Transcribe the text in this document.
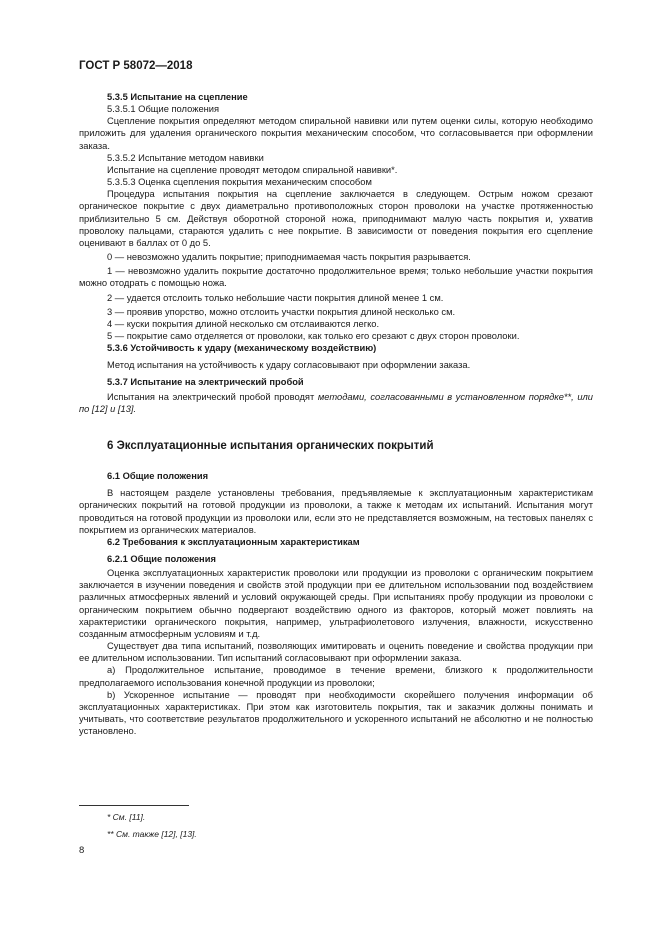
ГОСТ Р 58072—2018

5.3.5 Испытание на сцепление

5.3.5.1 Общие положения

Сцепление покрытия определяют методом спиральной навивки или путем оценки силы, которую необходимо приложить для удаления органического покрытия механическим способом, что согласовывается при оформлении заказа.

5.3.5.2 Испытание методом навивки

Испытание на сцепление проводят методом спиральной навивки*.

5.3.5.3 Оценка сцепления покрытия механическим способом

Процедура испытания покрытия на сцепление заключается в следующем. Острым ножом срезают органическое покрытие с двух диаметрально противоположных сторон проволоки на участке протяженностью приблизительно 5 см. Действуя оборотной стороной ножа, приподнимают малую часть покрытия и, ухватив проволоку пальцами, стараются удалить с нее покрытие. В зависимости от поведения покрытия его сцепление оценивают в баллах от 0 до 5.

0 — невозможно удалить покрытие; приподнимаемая часть покрытия разрывается.

1 — невозможно удалить покрытие достаточно продолжительное время; только небольшие участки покрытия можно отодрать с помощью ножа.

2 — удается отслоить только небольшие части покрытия длиной менее 1 см.

3 — проявив упорство, можно отслоить участки покрытия длиной несколько см.

4 — куски покрытия длиной несколько см отслаиваются легко.

5 — покрытие само отделяется от проволоки, как только его срезают с двух сторон проволоки.

5.3.6 Устойчивость к удару (механическому воздействию)

Метод испытания на устойчивость к удару согласовывают при оформлении заказа.

5.3.7 Испытание на электрический пробой

Испытания на электрический пробой проводят методами, согласованными в установленном порядке**, или по [12] и [13].

6 Эксплуатационные испытания органических покрытий

6.1 Общие положения

В настоящем разделе установлены требования, предъявляемые к эксплуатационным характеристикам органических покрытий на готовой продукции из проволоки, а также к методам их испытаний. Испытания могут проводиться на готовой продукции из проволоки или, если это не представляется возможным, на тестовых панелях с покрытием из органических материалов.

6.2 Требования к эксплуатационным характеристикам

6.2.1 Общие положения

Оценка эксплуатационных характеристик проволоки или продукции из проволоки с органическим покрытием заключается в изучении поведения и свойств этой продукции при ее длительном использовании под воздействием различных атмосферных явлений и условий окружающей среды. При испытаниях пробу продукции из проволоки с органическим покрытием обычно подвергают воздействию одного из факторов, который может повлиять на характеристики органического покрытия, например, ультрафиолетового излучения, влажности, искусственно созданным атмосферным условиям и т.д.

Существует два типа испытаний, позволяющих имитировать и оценить поведение и свойства продукции при ее длительном использовании. Тип испытаний согласовывают при оформлении заказа.

a) Продолжительное испытание, проводимое в течение времени, близкого к продолжительности предполагаемого использования конечной продукции из проволоки;

b) Ускоренное испытание — проводят при необходимости скорейшего получения информации об эксплуатационных характеристиках. При этом как изготовитель покрытия, так и заказчик должны понимать и учитывать, что соответствие результатов продолжительного и ускоренного испытаний не абсолютно и не полностью установлено.

* См. [11].
** См. также [12], [13].
8
